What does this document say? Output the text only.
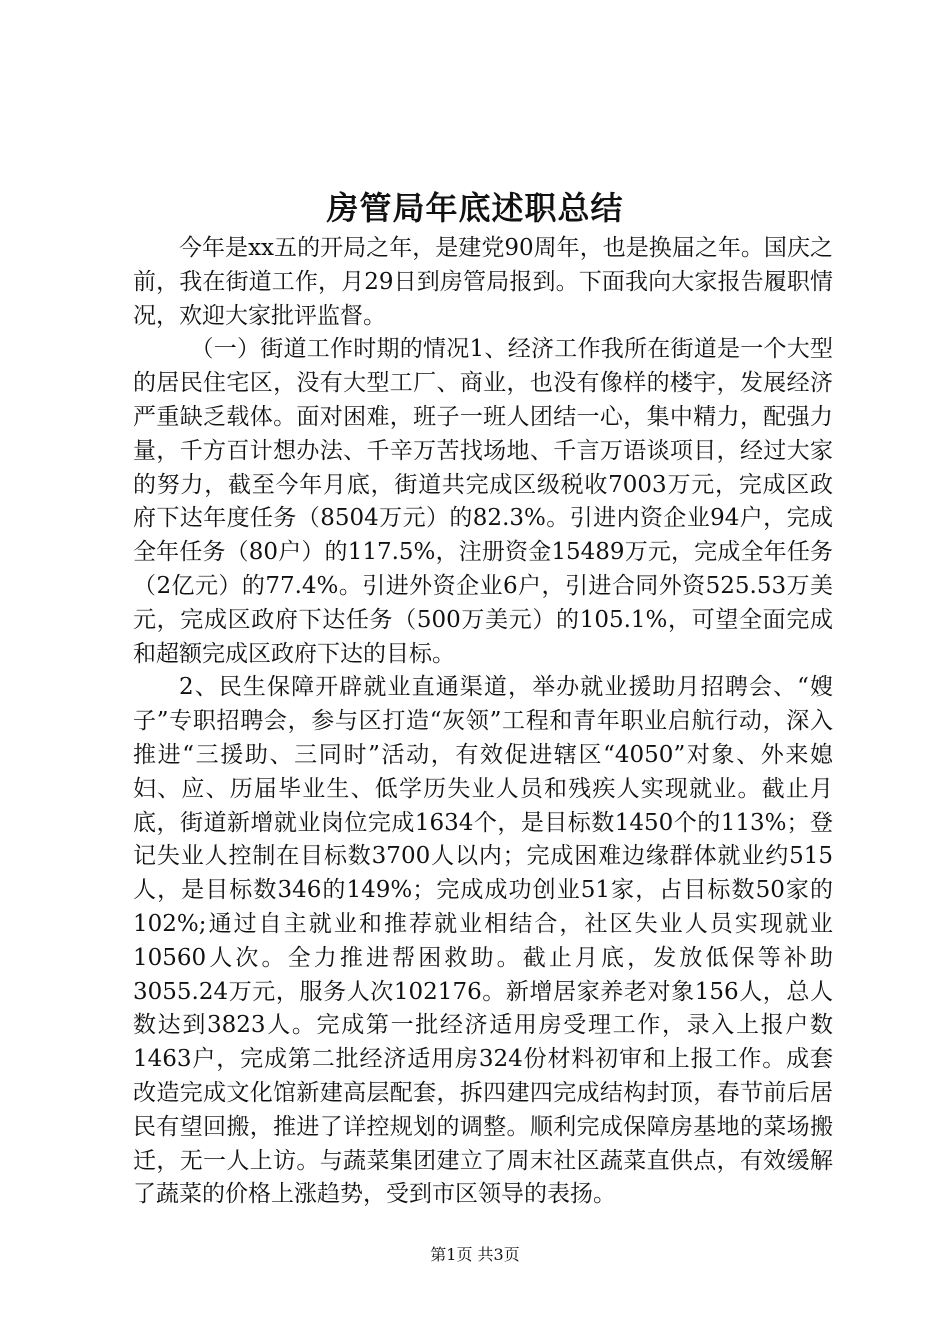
房管局年底述职总结

今年是xx五的开局之年，是建党90周年，也是换届之年。国庆之前，我在街道工作，月29日到房管局报到。下面我向大家报告履职情况，欢迎大家批评监督。

（一）街道工作时期的情况1、经济工作我所在街道是一个大型的居民住宅区，没有大型工厂、商业，也没有像样的楼宇，发展经济严重缺乏载体。面对困难，班子一班人团结一心，集中精力，配强力量，千方百计想办法、千辛万苦找场地、千言万语谈项目，经过大家的努力，截至今年月底，街道共完成区级税收7003万元，完成区政府下达年度任务（8504万元）的82.3%。引进内资企业94户，完成全年任务（80户）的117.5%，注册资金15489万元，完成全年任务（2亿元）的77.4%。引进外资企业6户，引进合同外资525.53万美元，完成区政府下达任务（500万美元）的105.1%，可望全面完成和超额完成区政府下达的目标。

2、民生保障开辟就业直通渠道，举办就业援助月招聘会、“嫂子”专职招聘会，参与区打造“灰领”工程和青年职业启航行动，深入推进“三援助、三同时”活动，有效促进辖区“4050”对象、外来媳妇、应、历届毕业生、低学历失业人员和残疾人实现就业。截止月底，街道新增就业岗位完成1634个，是目标数1450个的113%；登记失业人控制在目标数3700人以内；完成困难边缘群体就业约515人，是目标数346的149%；完成成功创业51家，占目标数50家的102%;通过自主就业和推荐就业相结合，社区失业人员实现就业10560人次。全力推进帮困救助。截止月底，发放低保等补助3055.24万元，服务人次102176。新增居家养老对象156人，总人数达到3823人。完成第一批经济适用房受理工作，录入上报户数1463户，完成第二批经济适用房324份材料初审和上报工作。成套改造完成文化馆新建高层配套，拆四建四完成结构封顶，春节前后居民有望回搬，推进了详控规划的调整。顺利完成保障房基地的菜场搬迁，无一人上访。与蔬菜集团建立了周末社区蔬菜直供点，有效缓解了蔬菜的价格上涨趋势，受到市区领导的表扬。

第1页 共3页
